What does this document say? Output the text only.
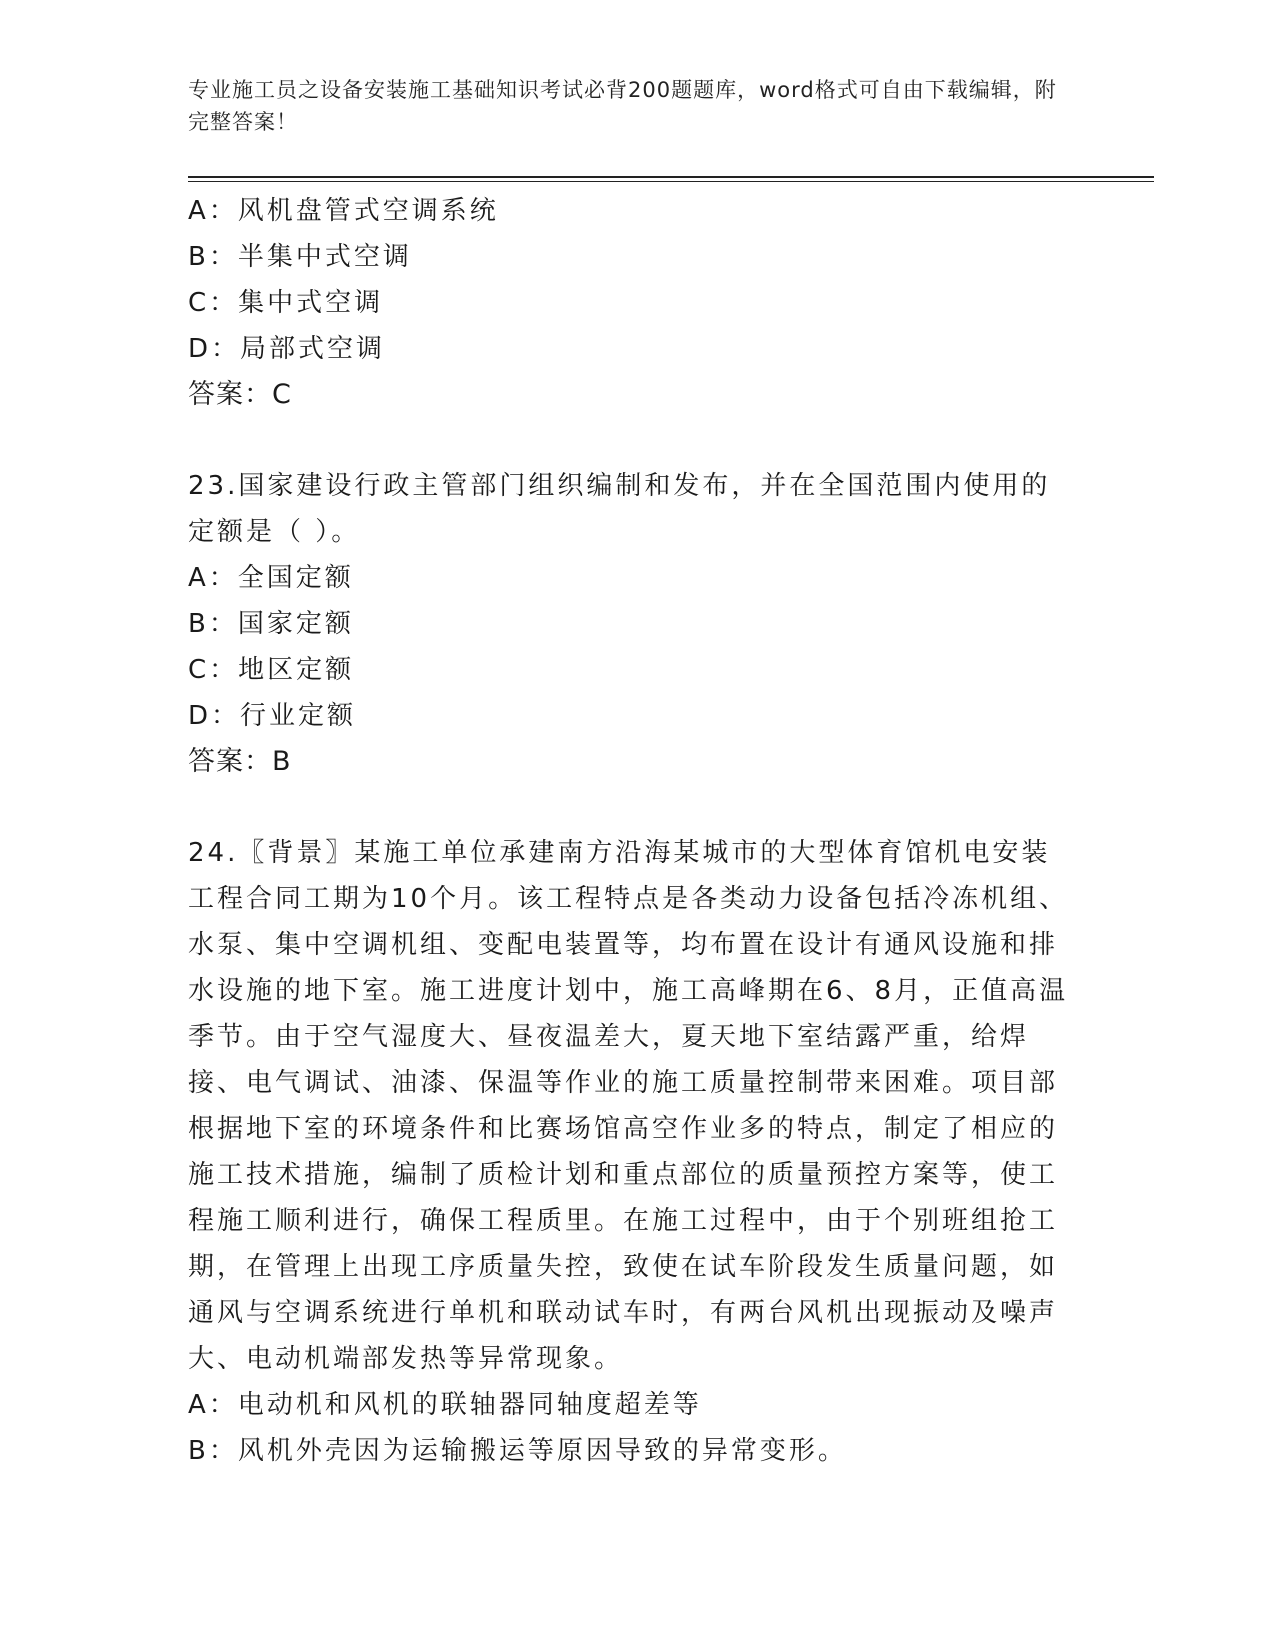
专业施工员之设备安装施工基础知识考试必背200题题库，word格式可自由下载编辑，附完整答案！

A：风机盘管式空调系统

B：半集中式空调

C：集中式空调

D：局部式空调

答案：C

23.国家建设行政主管部门组织编制和发布，并在全国范围内使用的定额是（ ）。

A：全国定额

B：国家定额

C：地区定额

D：行业定额

答案：B

24.〖背景〗某施工单位承建南方沿海某城市的大型体育馆机电安装工程合同工期为10个月。该工程特点是各类动力设备包括冷冻机组、水泵、集中空调机组、变配电装置等，均布置在设计有通风设施和排水设施的地下室。施工进度计划中，施工高峰期在6、8月，正值高温季节。由于空气湿度大、昼夜温差大，夏天地下室结露严重，给焊接、电气调试、油漆、保温等作业的施工质量控制带来困难。项目部根据地下室的环境条件和比赛场馆高空作业多的特点，制定了相应的施工技术措施，编制了质检计划和重点部位的质量预控方案等，使工程施工顺利进行，确保工程质里。在施工过程中，由于个别班组抢工期，在管理上出现工序质量失控，致使在试车阶段发生质量问题，如通风与空调系统进行单机和联动试车时，有两台风机出现振动及噪声大、电动机端部发热等异常现象。

A：电动机和风机的联轴器同轴度超差等

B：风机外壳因为运输搬运等原因导致的异常变形。
